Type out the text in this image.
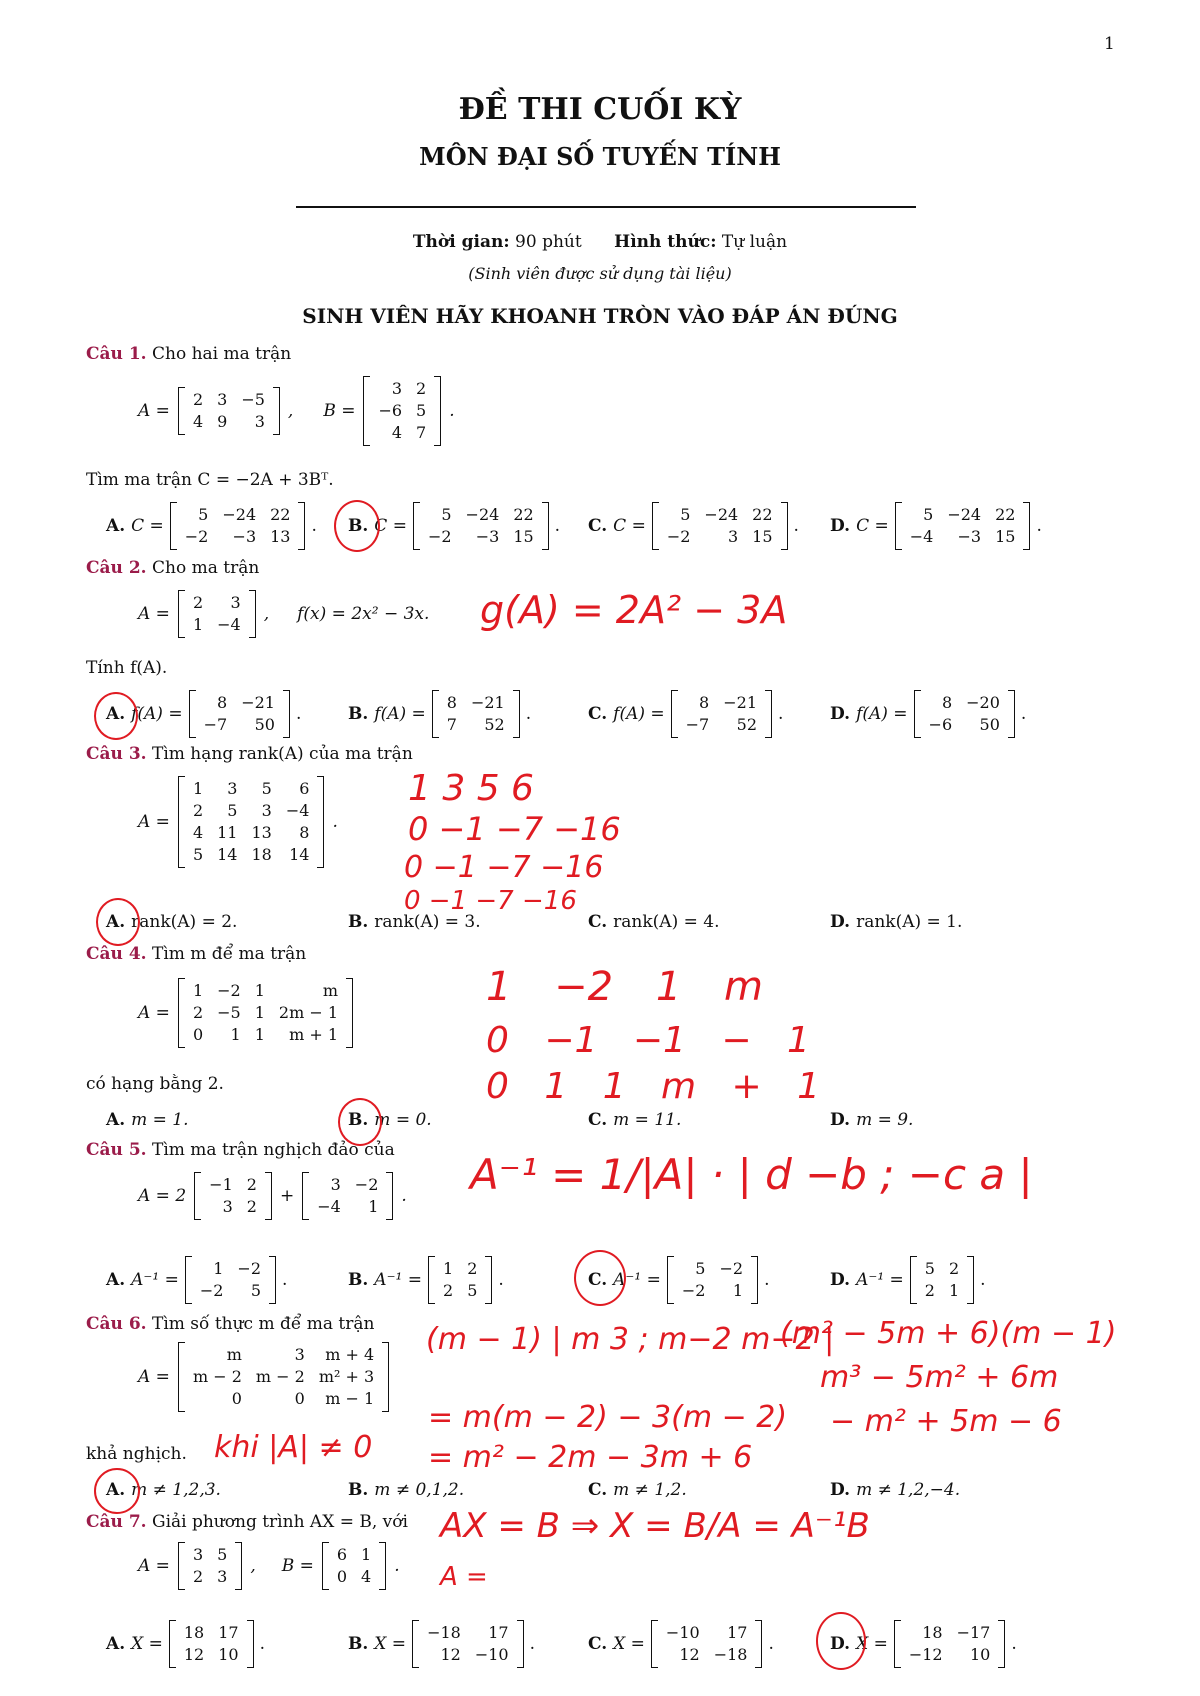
1
ĐỀ THI CUỐI KỲ
MÔN ĐẠI SỐ TUYẾN TÍNH
Thời gian: 90 phút Hình thức: Tự luận
(Sinh viên được sử dụng tài liệu)
SINH VIÊN HÃY KHOANH TRÒN VÀO ĐÁP ÁN ĐÚNG
Câu 1. Cho hai ma trận
A =
2	3	−5
4	9	3
, B =
3	2
−6	5
4	7
.
Tìm ma trận C = −2A + 3Bᵀ.
A. C =
5	−24	22
−2	−3	13
. B. C =
5	−24	22
−2	−3	15
. C. C =
5	−24	22
−2	3	15
. D. C =
5	−24	22
−4	−3	15
.
Câu 2. Cho ma trận
A =
2	3
1	−4
, f(x) = 2x² − 3x. g(A) = 2A² − 3A
Tính f(A).
A. f(A) =
8	−21
−7	50
.	B. f(A) =
8	−21
7	52
.	C. f(A) =
8	−21
−7	52
.	D. f(A) =
8	−20
−6	50
.
Câu 3. Tìm hạng rank(A) của ma trận
A =
1	3	5	6
2	5	3	−4
4	11	13	8
5	14	18	14
.
1 3 5 6
0 −1 −7 −16
0 −1 −7 −16
0 −1 −7 −16
A. rank(A) = 2.	B. rank(A) = 3.	C. rank(A) = 4.	D. rank(A) = 1.
Câu 4. Tìm m để ma trận
A =
1	−2	1	m
2	−5	1	2m − 1
0	1	1	m + 1
1 −2 1 m
0 −1 −1 − 1
0 1 1 m + 1
có hạng bằng 2.
A. m = 1.	B. m = 0.	C. m = 11.	D. m = 9.
Câu 5. Tìm ma trận nghịch đảo của
A = 2
−1	2
3	2
+
3	−2
−4	1
. A⁻¹ = 1/|A| · | d −b ; −c a |
A. A⁻¹ =
1	−2
−2	5
.	B. A⁻¹ =
1	2
2	5
.	C. A⁻¹ =
5	−2
−2	1
.	D. A⁻¹ =
5	2
2	1
.
Câu 6. Tìm số thực m để ma trận
A =
m	3	m + 4
m − 2	m − 2	m² + 3
0	0	m − 1
(m − 1) | m 3 ; m−2 m−2 |
= m(m − 2) − 3(m − 2)
= m² − 2m − 3m + 6
(m² − 5m + 6)(m − 1)
m³ − 5m² + 6m
− m² + 5m − 6
khả nghịch. khi |A| ≠ 0
A. m ≠ 1,2,3.	B. m ≠ 0,1,2.	C. m ≠ 1,2.	D. m ≠ 1,2,−4.
Câu 7. Giải phương trình AX = B, với
A =
3	5
2	3
, B =
6	1
0	4
.
AX = B ⇒ X = B/A = A⁻¹B
A =
A. X =
18	17
12	10
.	B. X =
−18	17
12	−10
.	C. X =
−10	17
12	−18
.	D. X =
18	−17
−12	10
.
